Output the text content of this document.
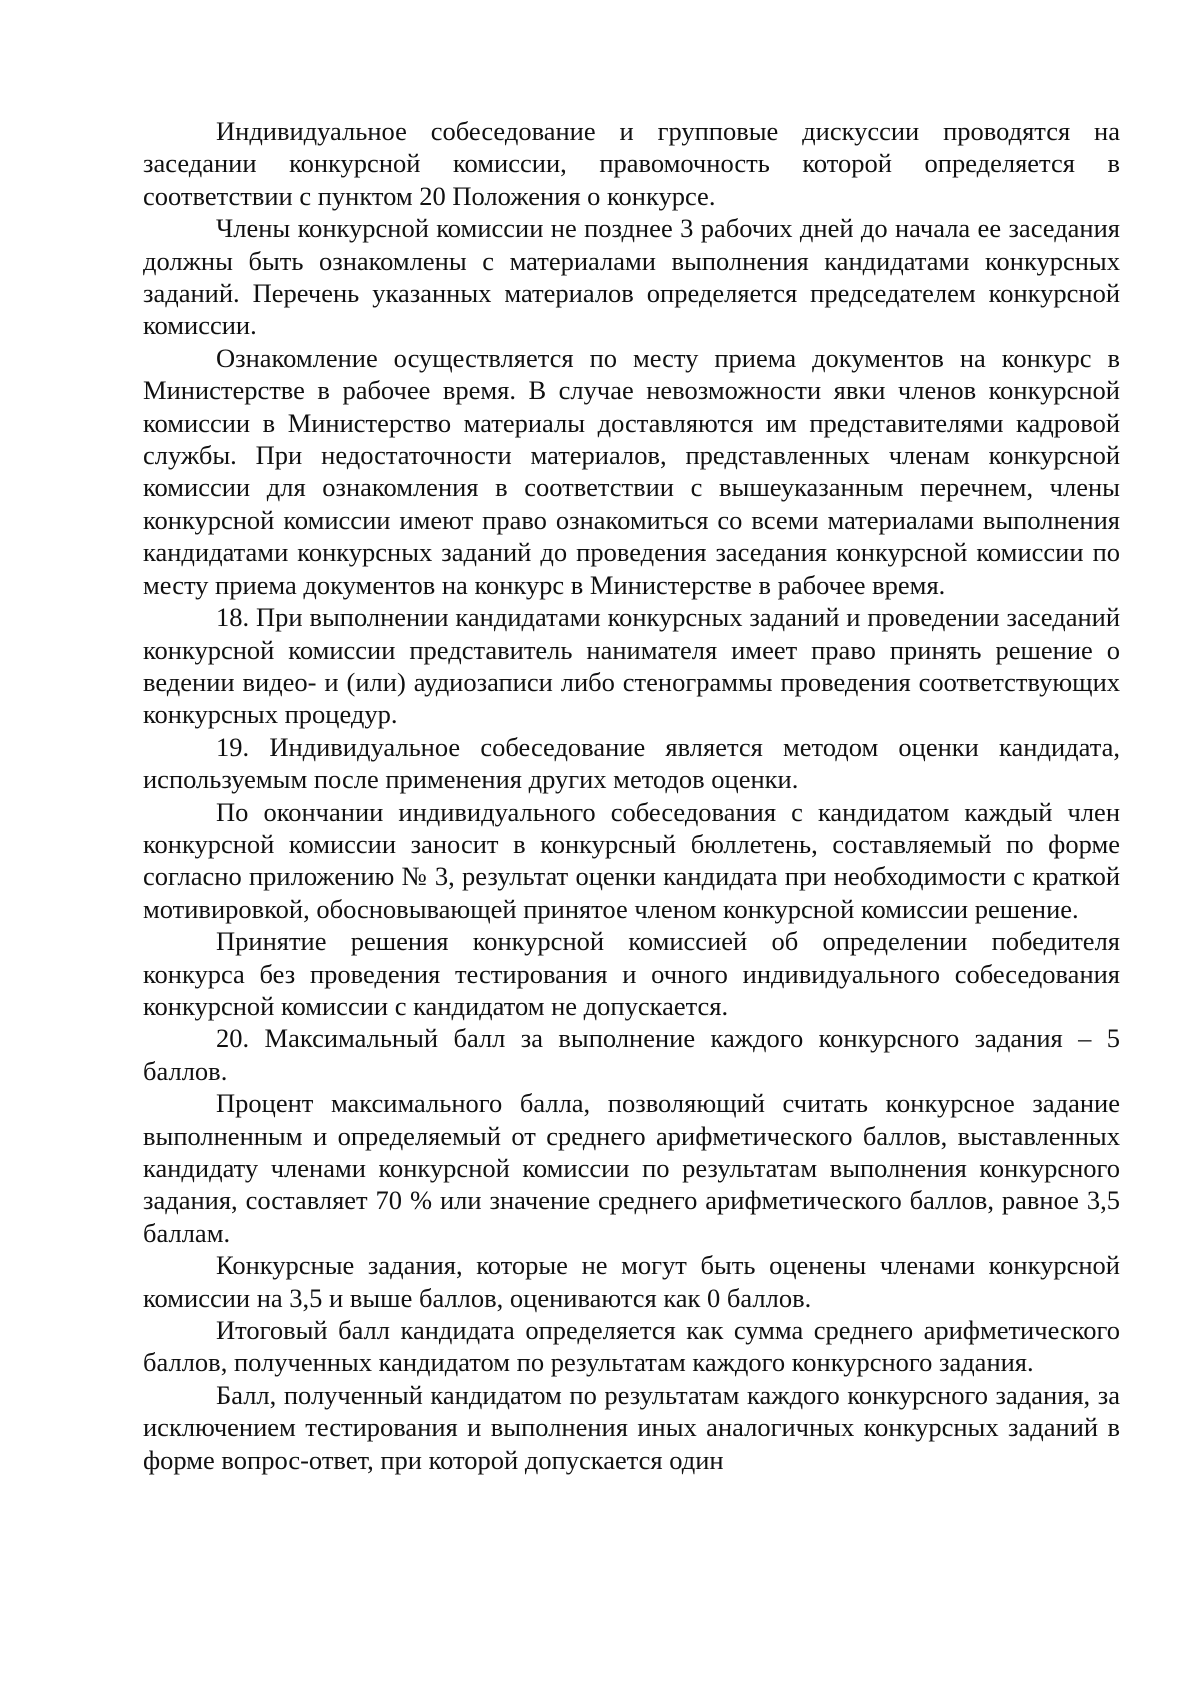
Индивидуальное собеседование и групповые дискуссии проводятся на заседании конкурсной комиссии, правомочность которой определяется в соответствии с пунктом 20 Положения о конкурсе.

Члены конкурсной комиссии не позднее 3 рабочих дней до начала ее заседания должны быть ознакомлены с материалами выполнения кандидатами конкурсных заданий. Перечень указанных материалов определяется председателем конкурсной комиссии.

Ознакомление осуществляется по месту приема документов на конкурс в Министерстве в рабочее время. В случае невозможности явки членов конкурсной комиссии в Министерство материалы доставляются им представителями кадровой службы. При недостаточности материалов, представленных членам конкурсной комиссии для ознакомления в соответствии с вышеуказанным перечнем, члены конкурсной комиссии имеют право ознакомиться со всеми материалами выполнения кандидатами конкурсных заданий до проведения заседания конкурсной комиссии по месту приема документов на конкурс в Министерстве в рабочее время.

18. При выполнении кандидатами конкурсных заданий и проведении заседаний конкурсной комиссии представитель нанимателя имеет право принять решение о ведении видео- и (или) аудиозаписи либо стенограммы проведения соответствующих конкурсных процедур.

19. Индивидуальное собеседование является методом оценки кандидата, используемым после применения других методов оценки.

По окончании индивидуального собеседования с кандидатом каждый член конкурсной комиссии заносит в конкурсный бюллетень, составляемый по форме согласно приложению № 3, результат оценки кандидата при необходимости с краткой мотивировкой, обосновывающей принятое членом конкурсной комиссии решение.

Принятие решения конкурсной комиссией об определении победителя конкурса без проведения тестирования и очного индивидуального собеседования конкурсной комиссии с кандидатом не допускается.

20. Максимальный балл за выполнение каждого конкурсного задания – 5 баллов.

Процент максимального балла, позволяющий считать конкурсное задание выполненным и определяемый от среднего арифметического баллов, выставленных кандидату членами конкурсной комиссии по результатам выполнения конкурсного задания, составляет 70 % или значение среднего арифметического баллов, равное 3,5 баллам.

Конкурсные задания, которые не могут быть оценены членами конкурсной комиссии на 3,5 и выше баллов, оцениваются как 0 баллов.

Итоговый балл кандидата определяется как сумма среднего арифметического баллов, полученных кандидатом по результатам каждого конкурсного задания.

Балл, полученный кандидатом по результатам каждого конкурсного задания, за исключением тестирования и выполнения иных аналогичных конкурсных заданий в форме вопрос-ответ, при которой допускается один
